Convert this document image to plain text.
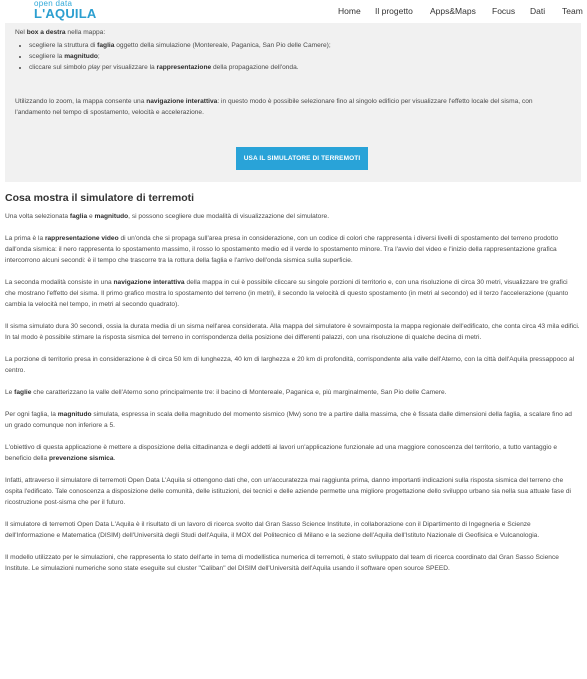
open data
L'AQUILA	Home Il progetto Apps&Maps Focus Dati Team

Nel box a destra nella mappa:

• scegliere la struttura di faglia oggetto della simulazione (Montereale, Paganica, San Pio delle Camere);
• scegliere la magnitudo;
• cliccare sul simbolo play per visualizzare la rappresentazione della propagazione dell'onda.

Utilizzando lo zoom, la mappa consente una navigazione interattiva: in questo modo è possibile selezionare fino al singolo edificio per visualizzare l'effetto locale del sisma, con l'andamento nel tempo di spostamento, velocità e accelerazione.

USA IL SIMULATORE DI TERREMOTI
Cosa mostra il simulatore di terremoti

Una volta selezionata faglia e magnitudo, si possono scegliere due modalità di visualizzazione del simulatore.

La prima è la rappresentazione video di un'onda che si propaga sull'area presa in considerazione, con un codice di colori che rappresenta i diversi livelli di spostamento del terreno prodotto dall'onda sismica: il nero rappresenta lo spostamento massimo, il rosso lo spostamento medio ed il verde lo spostamento minore. Tra l'avvio del video e l'inizio della rappresentazione grafica intercorrono alcuni secondi: è il tempo che trascorre tra la rottura della faglia e l'arrivo dell'onda sismica sulla superficie.

La seconda modalità consiste in una navigazione interattiva della mappa in cui è possibile cliccare su singole porzioni di territorio e, con una risoluzione di circa 30 metri, visualizzare tre grafici che mostrano l'effetto del sisma. Il primo grafico mostra lo spostamento del terreno (in metri), il secondo la velocità di questo spostamento (in metri al secondo) ed il terzo l'accelerazione (quanto cambia la velocità nel tempo, in metri al secondo quadrato).

Il sisma simulato dura 30 secondi, ossia la durata media di un sisma nell'area considerata. Alla mappa del simulatore è sovraimposta la mappa regionale dell'edificato, che conta circa 43 mila edifici. In tal modo è possibile stimare la risposta sismica del terreno in corrispondenza della posizione dei differenti palazzi, con una risoluzione di qualche decina di metri.

La porzione di territorio presa in considerazione è di circa 50 km di lunghezza, 40 km di larghezza e 20 km di profondità, corrispondente alla valle dell'Aterno, con la città dell'Aquila pressappoco al centro.

Le faglie che caratterizzano la valle dell'Aterno sono principalmente tre: il bacino di Montereale, Paganica e, più marginalmente, San Pio delle Camere.

Per ogni faglia, la magnitudo simulata, espressa in scala della magnitudo del momento sismico (Mw) sono tre a partire dalla massima, che è fissata dalle dimensioni della faglia, a scalare fino ad un grado comunque non inferiore a 5.

L'obiettivo di questa applicazione è mettere a disposizione della cittadinanza e degli addetti ai lavori un'applicazione funzionale ad una maggiore conoscenza del territorio, a tutto vantaggio e beneficio della prevenzione sismica.

Infatti, attraverso il simulatore di terremoti Open Data L'Aquila si ottengono dati che, con un'accuratezza mai raggiunta prima, danno importanti indicazioni sulla risposta sismica del terreno che ospita l'edificato. Tale conoscenza a disposizione delle comunità, delle istituzioni, dei tecnici e delle aziende permette una migliore progettazione dello sviluppo urbano sia nella sua attuale fase di ricostruzione post-sisma che per il futuro.

Il simulatore di terremoti Open Data L'Aquila è il risultato di un lavoro di ricerca svolto dal Gran Sasso Science Institute, in collaborazione con il Dipartimento di Ingegneria e Scienze dell'Informazione e Matematica (DISIM) dell'Università degli Studi dell'Aquila, il MOX del Politecnico di Milano e la sezione dell'Aquila dell'Istituto Nazionale di Geofisica e Vulcanologia.

Il modello utilizzato per le simulazioni, che rappresenta lo stato dell'arte in tema di modellistica numerica di terremoti, è stato sviluppato dal team di ricerca coordinato dal Gran Sasso Science Institute. Le simulazioni numeriche sono state eseguite sul cluster "Caliban" del DISIM dell'Università dell'Aquila usando il software open source SPEED.
